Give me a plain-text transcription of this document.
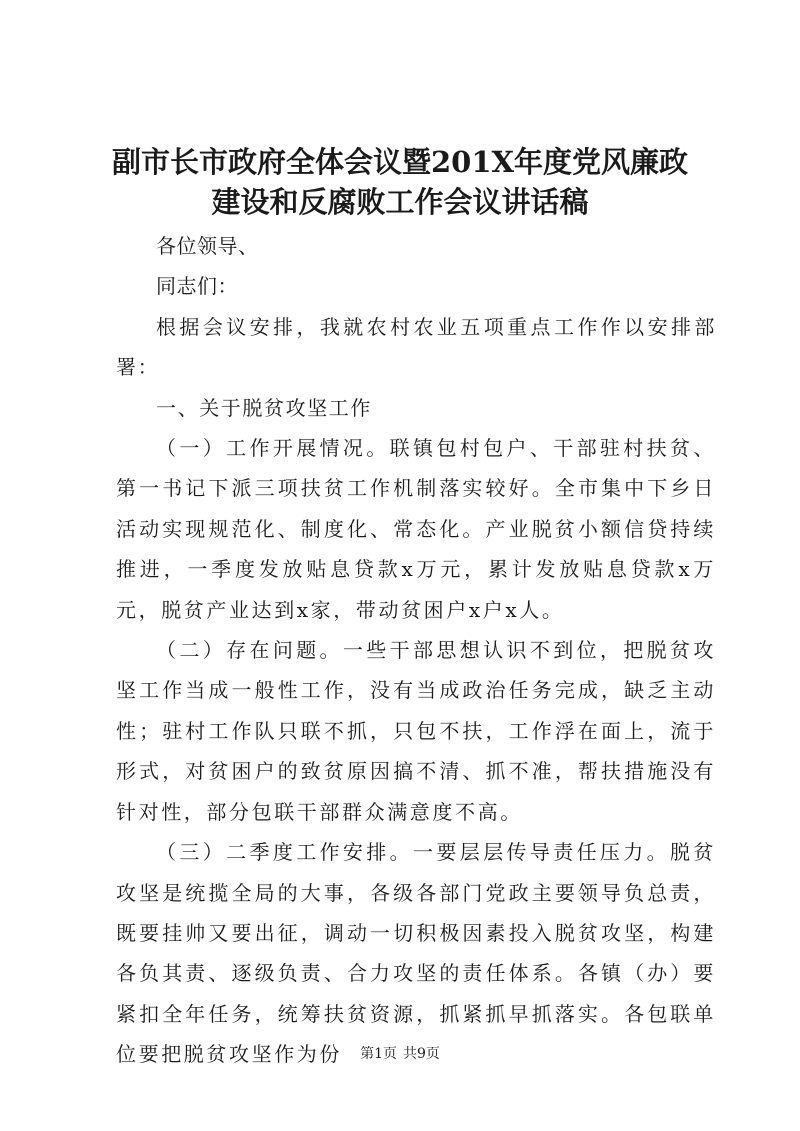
副市长市政府全体会议暨201X年度党风廉政
建设和反腐败工作会议讲话稿

各位领导、

同志们：

根据会议安排，我就农村农业五项重点工作作以安排部署：

一、关于脱贫攻坚工作

（一）工作开展情况。联镇包村包户、干部驻村扶贫、第一书记下派三项扶贫工作机制落实较好。全市集中下乡日活动实现规范化、制度化、常态化。产业脱贫小额信贷持续推进，一季度发放贴息贷款x万元，累计发放贴息贷款x万元，脱贫产业达到x家，带动贫困户x户x人。

（二）存在问题。一些干部思想认识不到位，把脱贫攻坚工作当成一般性工作，没有当成政治任务完成，缺乏主动性；驻村工作队只联不抓，只包不扶，工作浮在面上，流于形式，对贫困户的致贫原因搞不清、抓不准，帮扶措施没有针对性，部分包联干部群众满意度不高。

（三）二季度工作安排。一要层层传导责任压力。脱贫攻坚是统揽全局的大事，各级各部门党政主要领导负总责，既要挂帅又要出征，调动一切积极因素投入脱贫攻坚，构建各负其责、逐级负责、合力攻坚的责任体系。各镇（办）要紧扣全年任务，统筹扶贫资源，抓紧抓早抓落实。各包联单位要把脱贫攻坚作为份	第1页 共9页
